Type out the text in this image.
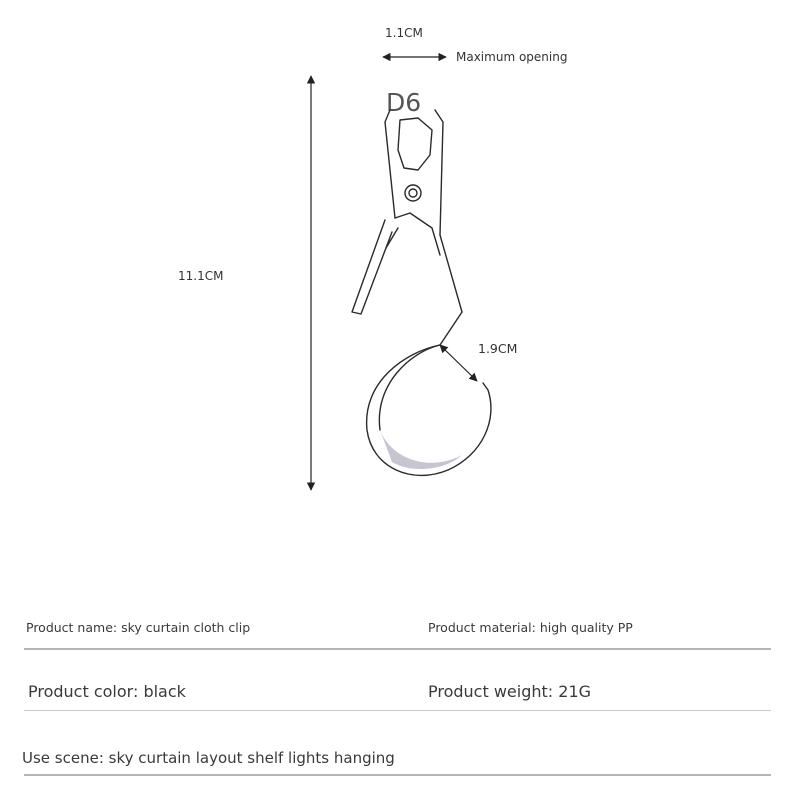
1.1CM
Maximum opening
D6
11.1CM
1.9CM
Product name: sky curtain cloth clip	Product material: high quality PP
Product color: black	Product weight: 21G
Use scene: sky curtain layout shelf lights hanging
